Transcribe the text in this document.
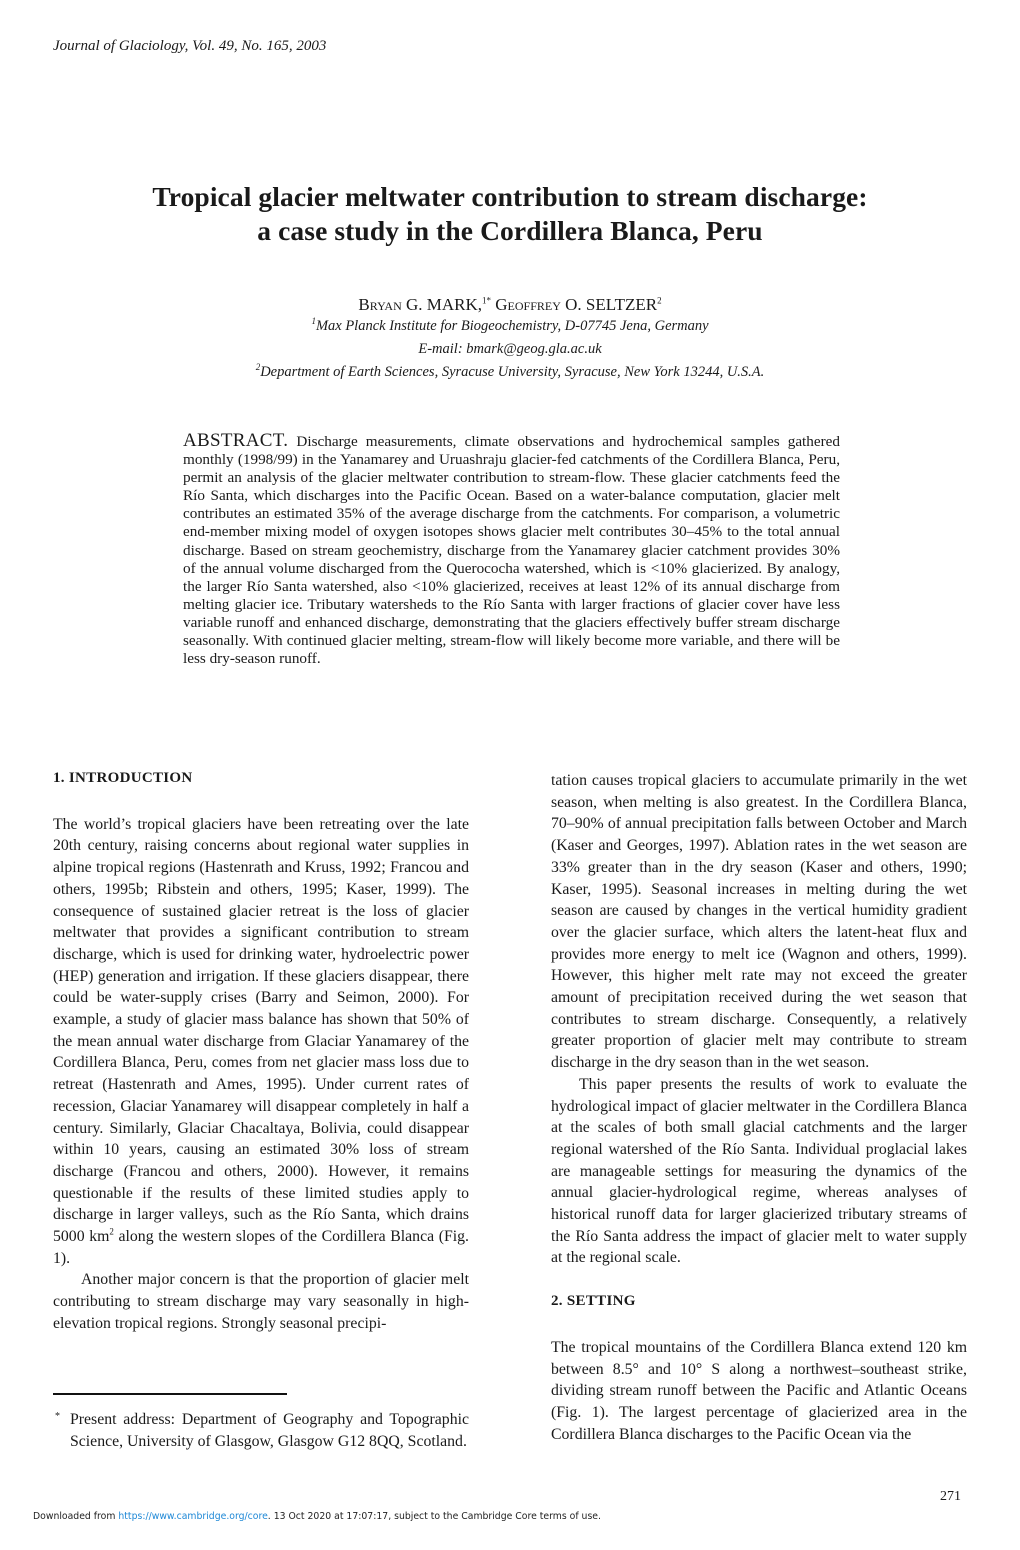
Journal of Glaciology, Vol. 49, No. 165, 2003
Tropical glacier meltwater contribution to stream discharge:
a case study in the Cordillera Blanca, Peru
Bryan G. MARK,$^{1*}$ Geoffrey O. SELTZER$^2$
$^1$Max Planck Institute for Biogeochemistry, D-07745 Jena, Germany
E-mail: bmark@geog.gla.ac.uk
$^2$Department of Earth Sciences, Syracuse University, Syracuse, New York 13244, U.S.A.
ABSTRACT. Discharge measurements, climate observations and hydrochemical samples gathered monthly (1998/99) in the Yanamarey and Uruashraju glacier-fed catchments of the Cordillera Blanca, Peru, permit an analysis of the glacier meltwater contribution to stream-flow. These glacier catchments feed the Río Santa, which discharges into the Pacific Ocean. Based on a water-balance computation, glacier melt contributes an estimated 35% of the average discharge from the catchments. For comparison, a volumetric end-member mixing model of oxygen isotopes shows glacier melt contributes 30–45% to the total annual discharge. Based on stream geochemistry, discharge from the Yanamarey glacier catchment provides 30% of the annual volume discharged from the Querococha watershed, which is <10% glacierized. By analogy, the larger Río Santa watershed, also <10% glacierized, receives at least 12% of its annual discharge from melting glacier ice. Tributary watersheds to the Río Santa with larger fractions of glacier cover have less variable runoff and enhanced discharge, demonstrating that the glaciers effectively buffer stream discharge seasonally. With continued glacier melting, stream-flow will likely become more variable, and there will be less dry-season runoff.

1. INTRODUCTION

The world’s tropical glaciers have been retreating over the late 20th century, raising concerns about regional water supplies in alpine tropical regions (Hastenrath and Kruss, 1992; Francou and others, 1995b; Ribstein and others, 1995; Kaser, 1999). The consequence of sustained glacier retreat is the loss of glacier meltwater that provides a significant contribution to stream discharge, which is used for drinking water, hydroelectric power (HEP) generation and irrigation. If these glaciers disappear, there could be water-supply crises (Barry and Seimon, 2000). For example, a study of glacier mass balance has shown that 50% of the mean annual water discharge from Glaciar Yanamarey of the Cordillera Blanca, Peru, comes from net glacier mass loss due to retreat (Hastenrath and Ames, 1995). Under current rates of recession, Glaciar Yanamarey will disappear completely in half a century. Similarly, Glaciar Chacaltaya, Bolivia, could disappear within 10 years, causing an estimated 30% loss of stream discharge (Francou and others, 2000). However, it remains questionable if the results of these limited studies apply to discharge in larger valleys, such as the Río Santa, which drains 5000 $km^2$ along the western slopes of the Cordillera Blanca (Fig. 1).

Another major concern is that the proportion of glacier melt contributing to stream discharge may vary seasonally in high-elevation tropical regions. Strongly seasonal precipi-

tation causes tropical glaciers to accumulate primarily in the wet season, when melting is also greatest. In the Cordillera Blanca, 70–90% of annual precipitation falls between October and March (Kaser and Georges, 1997). Ablation rates in the wet season are 33% greater than in the dry season (Kaser and others, 1990; Kaser, 1995). Seasonal increases in melting during the wet season are caused by changes in the vertical humidity gradient over the glacier surface, which alters the latent-heat flux and provides more energy to melt ice (Wagnon and others, 1999). However, this higher melt rate may not exceed the greater amount of precipitation received during the wet season that contributes to stream discharge. Consequently, a relatively greater proportion of glacier melt may contribute to stream discharge in the dry season than in the wet season.

This paper presents the results of work to evaluate the hydrological impact of glacier meltwater in the Cordillera Blanca at the scales of both small glacial catchments and the larger regional watershed of the Río Santa. Individual proglacial lakes are manageable settings for measuring the dynamics of the annual glacier-hydrological regime, whereas analyses of historical runoff data for larger glacierized tributary streams of the Río Santa address the impact of glacier melt to water supply at the regional scale.

2. SETTING

The tropical mountains of the Cordillera Blanca extend 120 km between 8.5° and 10° S along a northwest–southeast strike, dividing stream runoff between the Pacific and Atlantic Oceans (Fig. 1). The largest percentage of glacierized area in the Cordillera Blanca discharges to the Pacific Ocean via the

* Present address: Department of Geography and Topographic Science, University of Glasgow, Glasgow G12 8QQ, Scotland.
271
Downloaded from https://www.cambridge.org/core. 13 Oct 2020 at 17:07:17, subject to the Cambridge Core terms of use.
